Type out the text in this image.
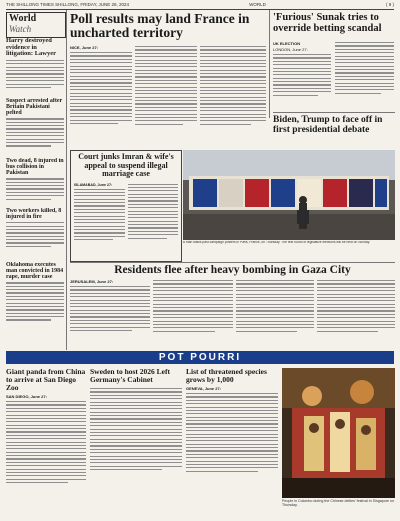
THE SHILLONG TIMES SHILLONG, FRIDAY, JUNE 28, 2024	WORLD	( 9 )
World
Watch
Harry destroyed evidence in litigation: Lawyer
Suspect arrested after Britain Pakistani pelted
Two dead, 8 injured in bus collision in Pakistan
Two workers killed, 8 injured in fire
Oklahoma executes man convicted in 1984 rape, murder case
Poll results may land France in uncharted territory
NICE, June 27:
'Furious' Sunak tries to override betting scandal
UK ELECTION
LONDON, June 27:
Court junks Imran & wife's appeal to suspend illegal marriage case
ISLAMABAD, June 27:

A man walks past campaign posters in Paris, France, on Thursday. The first round of legislative elections will be held on Sunday.

Biden, Trump to face off in first presidential debate
Residents flee after heavy bombing in Gaza City
JERUSALEM, June 27:
POT POURRI
Giant panda from China to arrive at San Diego Zoo
SAN DIEGO, June 27:
Sweden to host 2026 Left Germany's Cabinet
List of threatened species grows by 1,000
GENEVA, June 27:

People in Colombo during the Chinese deities' festival in Singapore on Thursday.
